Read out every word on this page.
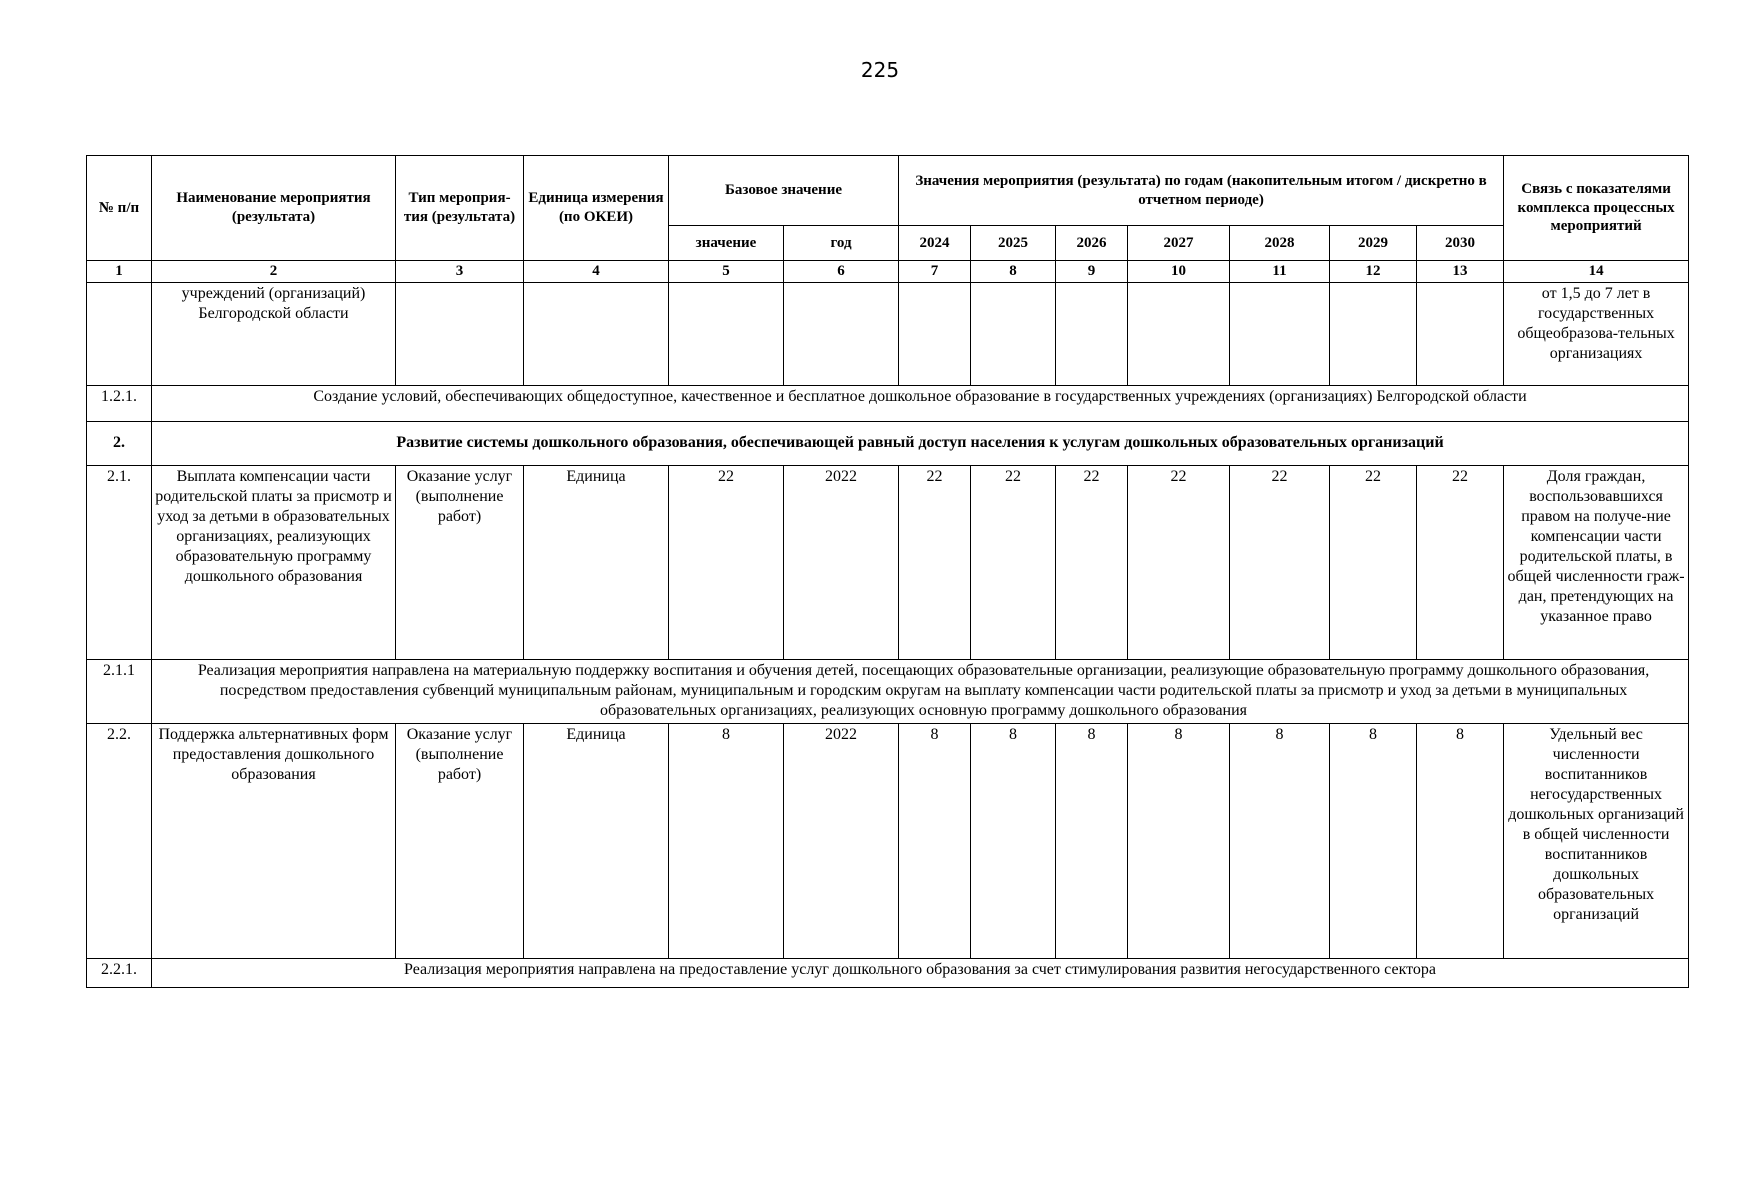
225
№ п/п	Наименование мероприятия (результата)	Тип мероприя-тия (результата)	Единица измерения (по ОКЕИ)	Базовое значение		Значения мероприятия (результата) по годам (накопительным итогом / дискретно в отчетном периоде)							Связь с показателями комплекса процессных мероприятий
				значение	год	2024	2025	2026	2027	2028	2029	2030	
1	2	3	4	5	6	7	8	9	10	11	12	13	14
	учреждений (организаций) Белгородской области												от 1,5 до 7 лет в государственных общеобразова-тельных организациях
1.2.1.	Создание условий, обеспечивающих общедоступное, качественное и бесплатное дошкольное образование в государственных учреждениях (организациях) Белгородской области												
2.	Развитие системы дошкольного образования, обеспечивающей равный доступ населения к услугам дошкольных образовательных организаций												
2.1.	Выплата компенсации части родительской платы за присмотр и уход за детьми в образовательных организациях, реализующих образовательную программу дошкольного образования	Оказание услуг (выполнение работ)	Единица	22	2022	22	22	22	22	22	22	22	Доля граждан, воспользовавшихся правом на получе-ние компенсации части родительской платы, в общей численности граж-дан, претендующих на указанное право
2.1.1	Реализация мероприятия направлена на материальную поддержку воспитания и обучения детей, посещающих образовательные организации, реализующие образовательную программу дошкольного образования, посредством предоставления субвенций муниципальным районам, муниципальным и городским округам на выплату компенсации части родительской платы за присмотр и уход за детьми в муниципальных образовательных организациях, реализующих основную программу дошкольного образования												
2.2.	Поддержка альтернативных форм предоставления дошкольного образования	Оказание услуг (выполнение работ)	Единица	8	2022	8	8	8	8	8	8	8	Удельный вес численности воспитанников негосударственных дошкольных организаций в общей численности воспитанников дошкольных образовательных организаций
2.2.1.	Реализация мероприятия направлена на предоставление услуг дошкольного образования за счет стимулирования развития негосударственного сектора												
